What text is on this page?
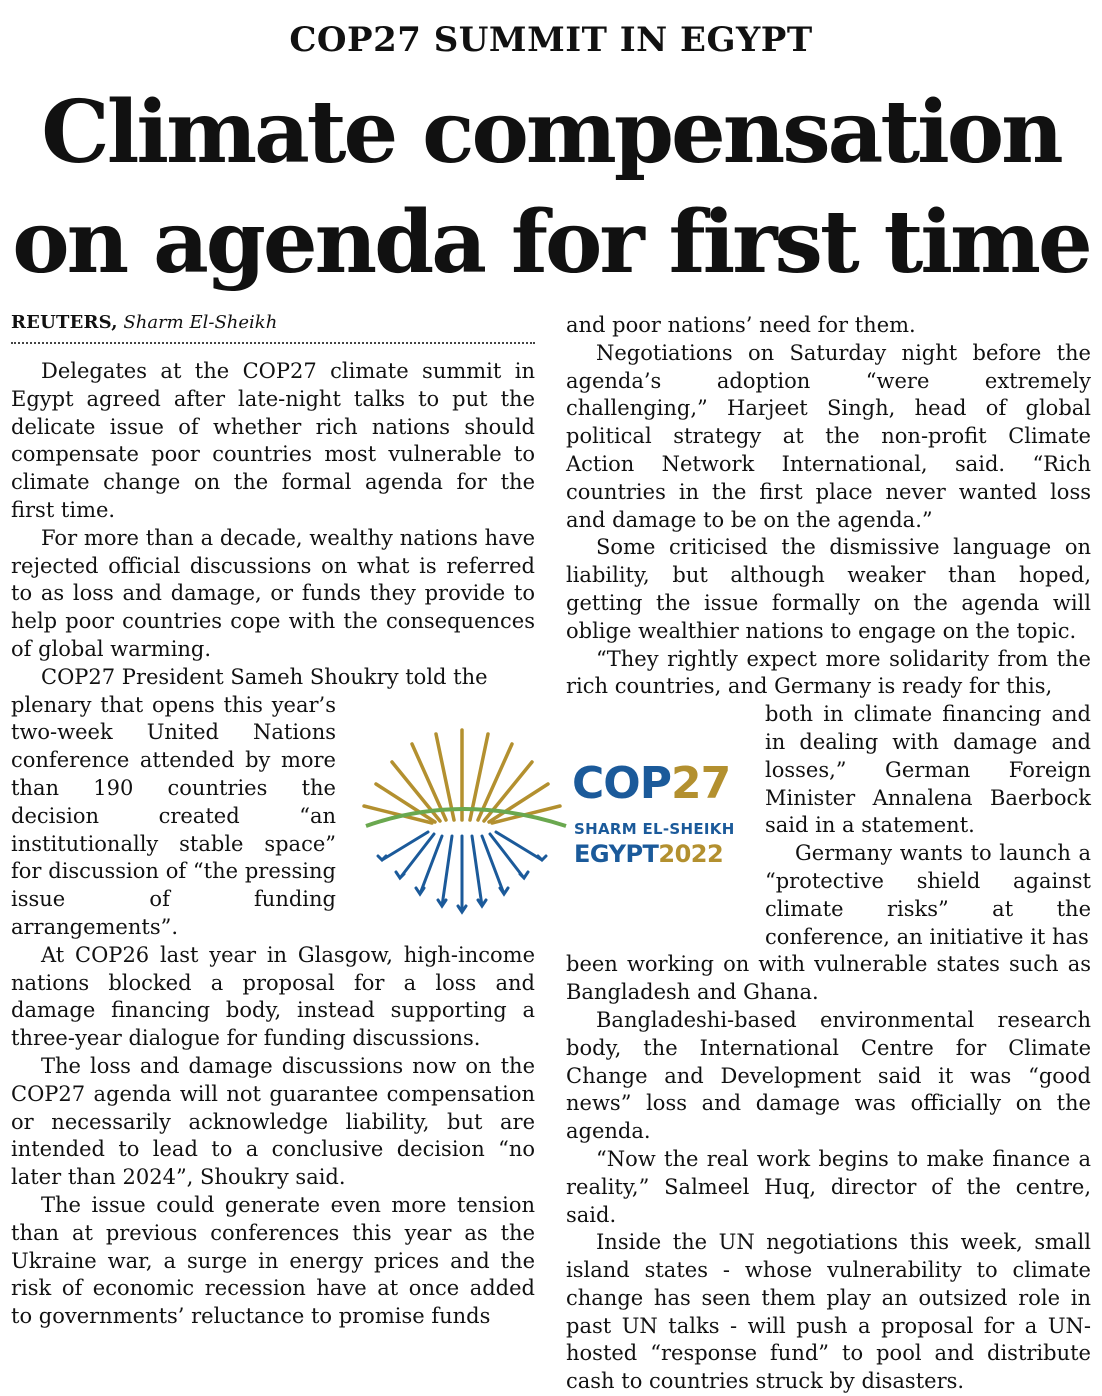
COP27 SUMMIT IN EGYPT
Climate compensation
on agenda for first time
REUTERS, Sharm El-Sheikh

Delegates at the COP27 climate summit in Egypt agreed after late-night talks to put the delicate issue of whether rich nations should compensate poor countries most vulnerable to climate change on the formal agenda for the first time.

For more than a decade, wealthy nations have rejected official discussions on what is referred to as loss and damage, or funds they provide to help poor countries cope with the consequences of global warming.

COP27 President Sameh Shoukry told the

plenary that opens this year’s two-week United Nations conference attended by more than 190 countries the decision created “an institutionally stable space” for discussion of “the pressing issue of funding arrangements”.

At COP26 last year in Glasgow, high-income nations blocked a proposal for a loss and damage financing body, instead supporting a three-year dialogue for funding discussions.

The loss and damage discussions now on the COP27 agenda will not guarantee compensation or necessarily acknowledge liability, but are intended to lead to a conclusive decision “no later than 2024”, Shoukry said.

The issue could generate even more tension than at previous conferences this year as the Ukraine war, a surge in energy prices and the risk of economic recession have at once added to governments’ reluctance to promise funds

and poor nations’ need for them.

Negotiations on Saturday night before the agenda’s adoption “were extremely challenging,” Harjeet Singh, head of global political strategy at the non-profit Climate Action Network International, said. “Rich countries in the first place never wanted loss and damage to be on the agenda.”

Some criticised the dismissive language on liability, but although weaker than hoped, getting the issue formally on the agenda will oblige wealthier nations to engage on the topic.

“They rightly expect more solidarity from the rich countries, and Germany is ready for this,

both in climate financing and in dealing with damage and losses,” German Foreign Minister Annalena Baerbock said in a statement.

Germany wants to launch a “protective shield against climate risks” at the conference, an initiative it has

been working on with vulnerable states such as Bangladesh and Ghana.

Bangladeshi-based environmental research body, the International Centre for Climate Change and Development said it was “good news” loss and damage was officially on the agenda.

“Now the real work begins to make finance a reality,” Salmeel Huq, director of the centre, said.

Inside the UN negotiations this week, small island states - whose vulnerability to climate change has seen them play an outsized role in past UN talks - will push a proposal for a UN-hosted “response fund” to pool and distribute cash to countries struck by disasters.

COP27
SHARM EL-SHEIKH
EGYPT2022
